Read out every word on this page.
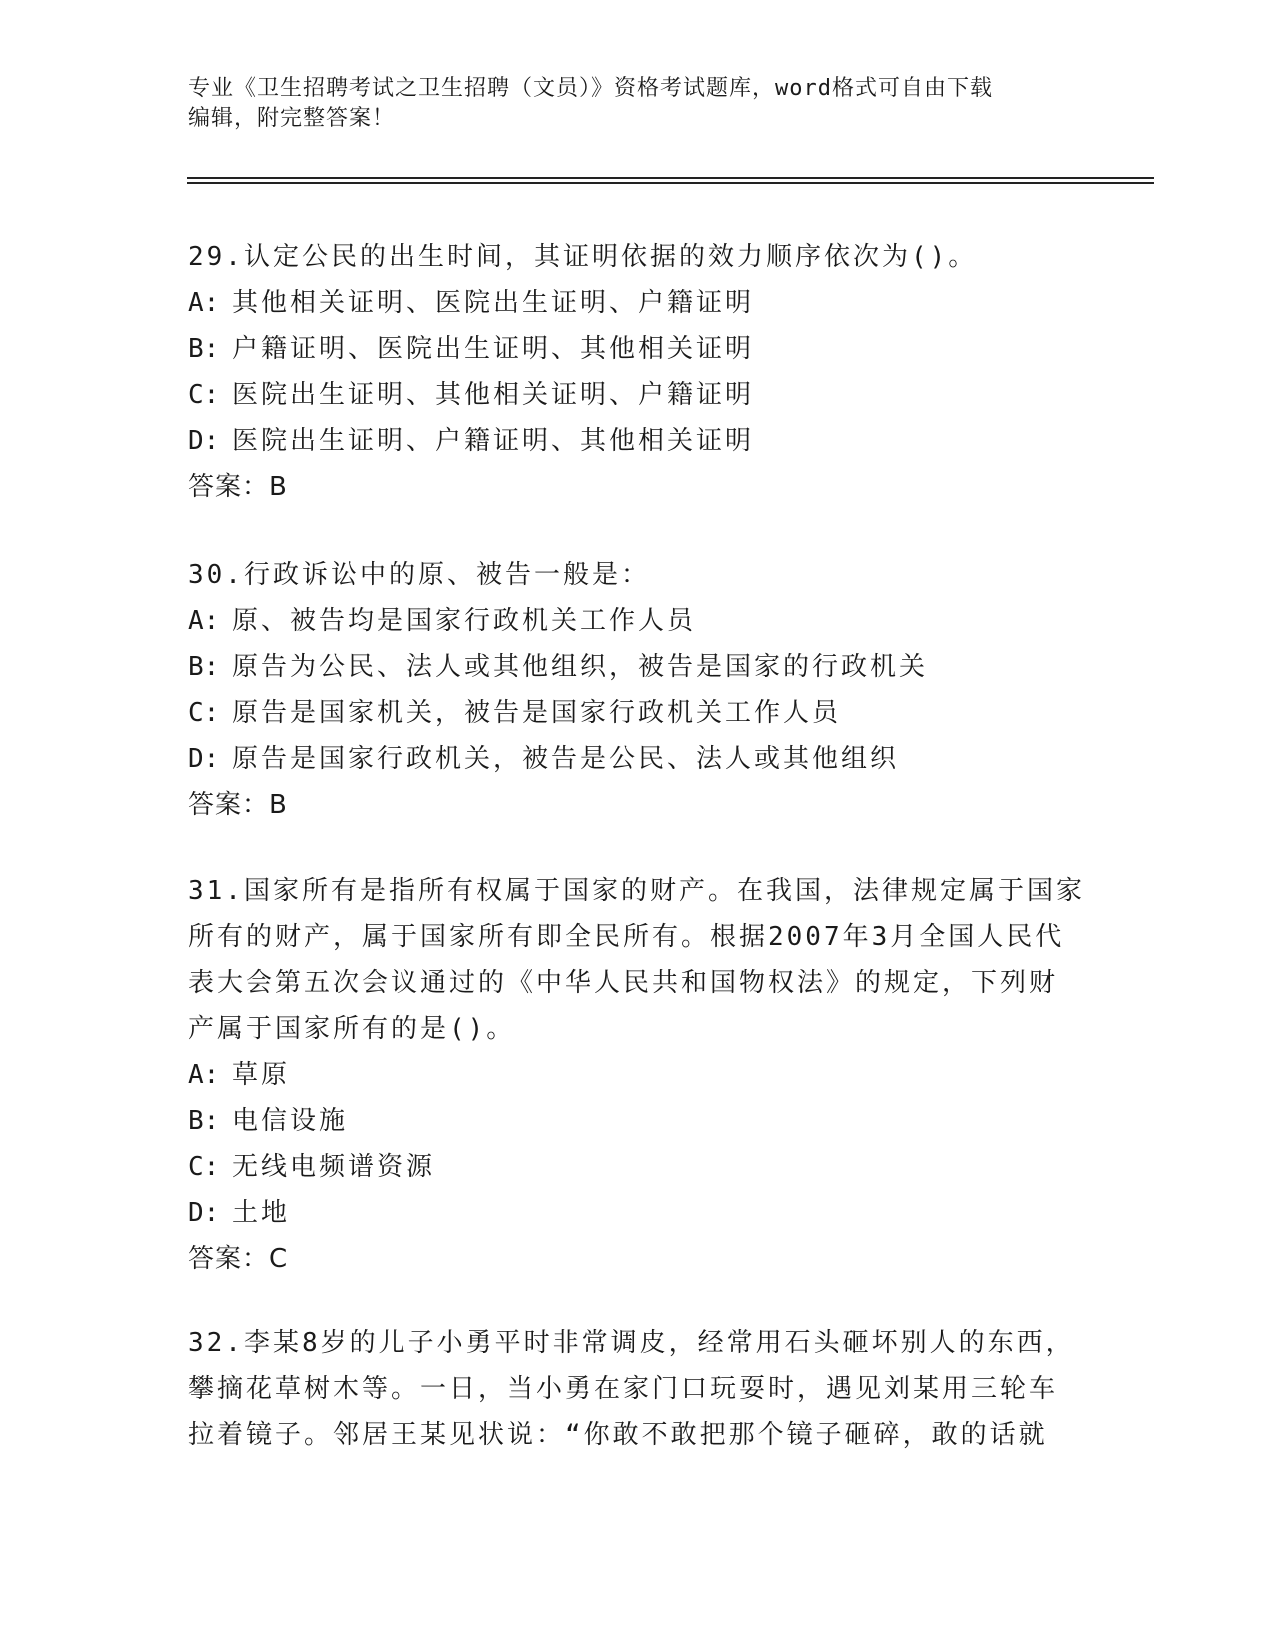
专业《卫生招聘考试之卫生招聘（文员）》资格考试题库，word格式可自由下载
编辑，附完整答案！
29.认定公民的出生时间，其证明依据的效力顺序依次为()。
A: 其他相关证明、医院出生证明、户籍证明
B: 户籍证明、医院出生证明、其他相关证明
C: 医院出生证明、其他相关证明、户籍证明
D: 医院出生证明、户籍证明、其他相关证明
答案：B
30.行政诉讼中的原、被告一般是：
A: 原、被告均是国家行政机关工作人员
B: 原告为公民、法人或其他组织，被告是国家的行政机关
C: 原告是国家机关，被告是国家行政机关工作人员
D: 原告是国家行政机关，被告是公民、法人或其他组织
答案：B
31.国家所有是指所有权属于国家的财产。在我国，法律规定属于国家
所有的财产，属于国家所有即全民所有。根据2007年3月全国人民代
表大会第五次会议通过的《中华人民共和国物权法》的规定，下列财
产属于国家所有的是()。
A: 草原
B: 电信设施
C: 无线电频谱资源
D: 土地
答案：C
32.李某8岁的儿子小勇平时非常调皮，经常用石头砸坏别人的东西，
攀摘花草树木等。一日，当小勇在家门口玩耍时，遇见刘某用三轮车
拉着镜子。邻居王某见状说：“你敢不敢把那个镜子砸碎，敢的话就
